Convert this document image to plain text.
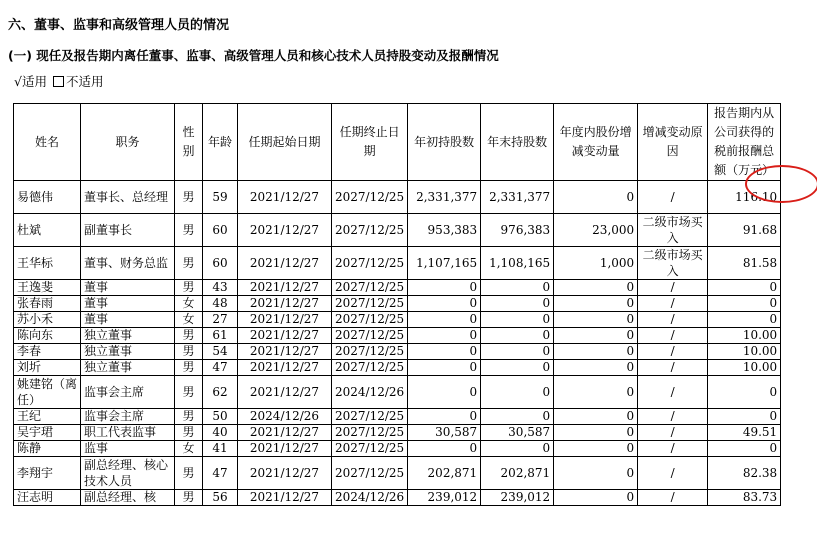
六、董事、监事和高级管理人员的情况
(一) 现任及报告期内离任董事、监事、高级管理人员和核心技术人员持股变动及报酬情况
√适用	不适用
姓名	职务	性别	年龄	任期起始日期	任期终止日期	年初持股数	年末持股数	年度内股份增减变动量	增减变动原因	报告期内从公司获得的税前报酬总额（万元）
易德伟	董事长、总经理	男	59	2021/12/27	2027/12/25	2,331,377	2,331,377	0	/	116.10
杜斌	副董事长	男	60	2021/12/27	2027/12/25	953,383	976,383	23,000	二级市场买入	91.68
王华标	董事、财务总监	男	60	2021/12/27	2027/12/25	1,107,165	1,108,165	1,000	二级市场买入	81.58
王逸斐	董事	男	43	2021/12/27	2027/12/25	0	0	0	/	0
张春雨	董事	女	48	2021/12/27	2027/12/25	0	0	0	/	0
苏小禾	董事	女	27	2021/12/27	2027/12/25	0	0	0	/	0
陈向东	独立董事	男	61	2021/12/27	2027/12/25	0	0	0	/	10.00
李春	独立董事	男	54	2021/12/27	2027/12/25	0	0	0	/	10.00
刘圻	独立董事	男	47	2021/12/27	2027/12/25	0	0	0	/	10.00
姚建铭（离任）	监事会主席	男	62	2021/12/27	2024/12/26	0	0	0	/	0
王纪	监事会主席	男	50	2024/12/26	2027/12/25	0	0	0	/	0
吴宇珺	职工代表监事	男	40	2021/12/27	2027/12/25	30,587	30,587	0	/	49.51
陈静	监事	女	41	2021/12/27	2027/12/25	0	0	0	/	0
李翔宇	副总经理、核心技术人员	男	47	2021/12/27	2027/12/25	202,871	202,871	0	/	82.38
汪志明	副总经理、核	男	56	2021/12/27	2024/12/26	239,012	239,012	0	/	83.73
